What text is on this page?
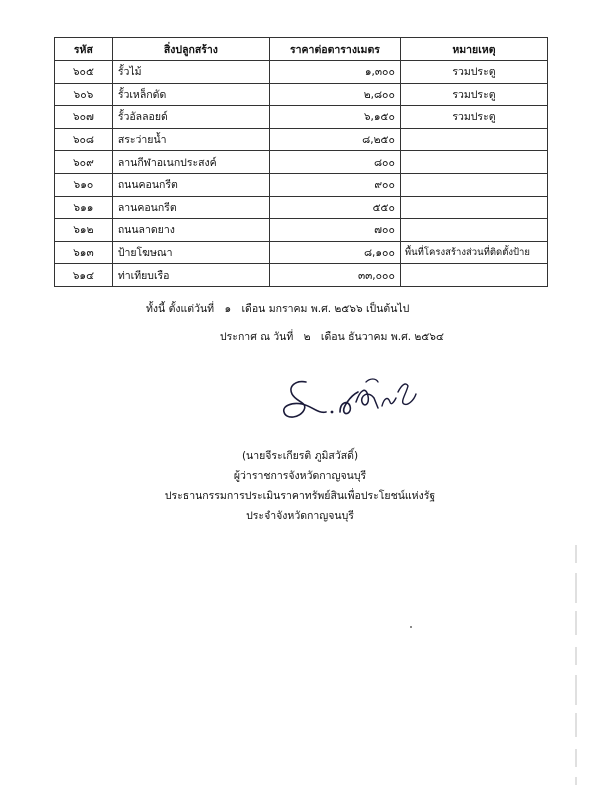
รหัส	สิ่งปลูกสร้าง	ราคาต่อตารางเมตร	หมายเหตุ
๖๐๕	รั้วไม้	๑,๓๐๐	รวมประตู
๖๐๖	รั้วเหล็กดัด	๒,๘๐๐	รวมประตู
๖๐๗	รั้วอัลลอยด์	๖,๑๕๐	รวมประตู
๖๐๘	สระว่ายน้ำ	๘,๒๕๐	
๖๐๙	ลานกีฬาอเนกประสงค์	๘๐๐	
๖๑๐	ถนนคอนกรีต	๙๐๐	
๖๑๑	ลานคอนกรีต	๕๕๐	
๖๑๒	ถนนลาดยาง	๗๐๐	
๖๑๓	ป้ายโฆษณา	๘,๑๐๐	พื้นที่โครงสร้างส่วนที่ติดตั้งป้าย
๖๑๔	ท่าเทียบเรือ	๓๓,๐๐๐	
ทั้งนี้ ตั้งแต่วันที่ ๑ เดือน มกราคม พ.ศ. ๒๕๖๖ เป็นต้นไป
ประกาศ ณ วันที่ ๒ เดือน ธันวาคม พ.ศ. ๒๕๖๔
(นายจีระเกียรติ ภูมิสวัสดิ์)
ผู้ว่าราชการจังหวัดกาญจนบุรี
ประธานกรรมการประเมินราคาทรัพย์สินเพื่อประโยชน์แห่งรัฐ
ประจำจังหวัดกาญจนบุรี
